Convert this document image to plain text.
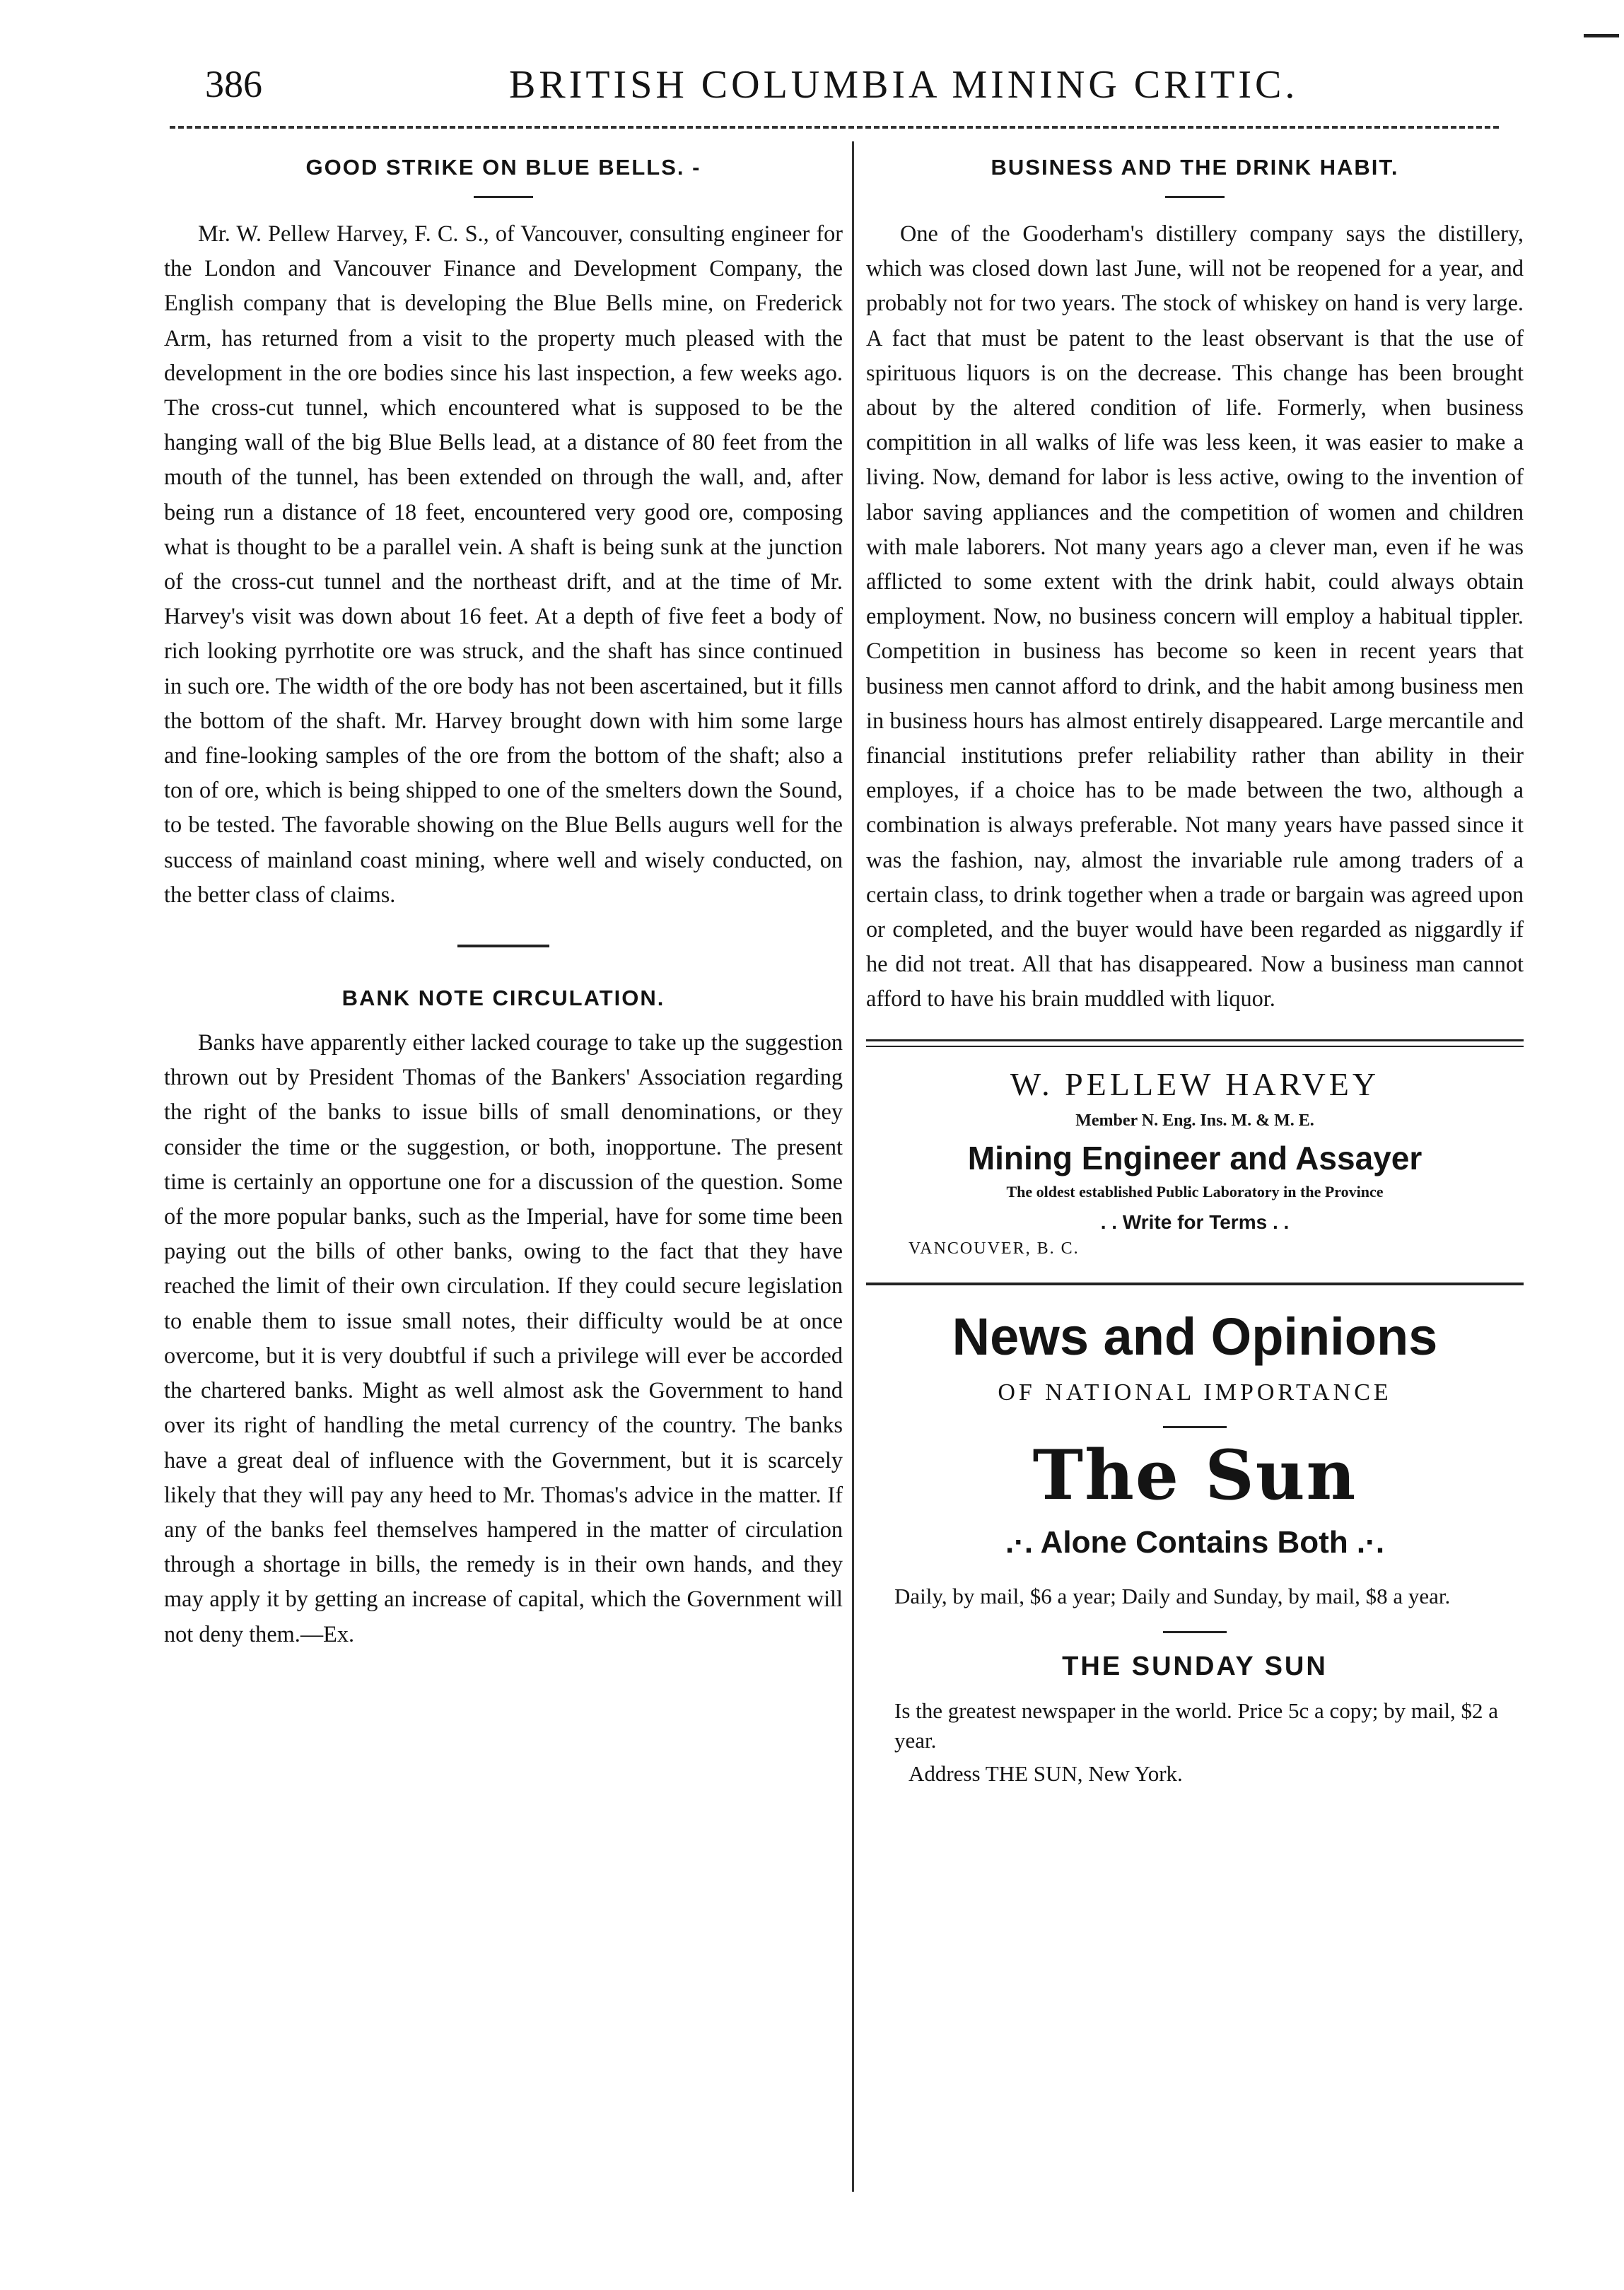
386	BRITISH COLUMBIA MINING CRITIC.
GOOD STRIKE ON BLUE BELLS. -

Mr. W. Pellew Harvey, F. C. S., of Vancouver, consulting engineer for the London and Vancouver Finance and Development Company, the English company that is developing the Blue Bells mine, on Frederick Arm, has returned from a visit to the property much pleased with the development in the ore bodies since his last inspection, a few weeks ago. The cross-cut tunnel, which encountered what is supposed to be the hanging wall of the big Blue Bells lead, at a distance of 80 feet from the mouth of the tunnel, has been extended on through the wall, and, after being run a distance of 18 feet, encountered very good ore, composing what is thought to be a parallel vein. A shaft is being sunk at the junction of the cross-cut tunnel and the northeast drift, and at the time of Mr. Harvey's visit was down about 16 feet. At a depth of five feet a body of rich looking pyrrhotite ore was struck, and the shaft has since continued in such ore. The width of the ore body has not been ascertained, but it fills the bottom of the shaft. Mr. Harvey brought down with him some large and fine-looking samples of the ore from the bottom of the shaft; also a ton of ore, which is being shipped to one of the smelters down the Sound, to be tested. The favorable showing on the Blue Bells augurs well for the success of mainland coast mining, where well and wisely conducted, on the better class of claims.

BANK NOTE CIRCULATION.

Banks have apparently either lacked courage to take up the suggestion thrown out by President Thomas of the Bankers' Association regarding the right of the banks to issue bills of small denominations, or they consider the time or the suggestion, or both, inopportune. The present time is certainly an opportune one for a discussion of the question. Some of the more popular banks, such as the Imperial, have for some time been paying out the bills of other banks, owing to the fact that they have reached the limit of their own circulation. If they could secure legislation to enable them to issue small notes, their difficulty would be at once overcome, but it is very doubtful if such a privilege will ever be accorded the chartered banks. Might as well almost ask the Government to hand over its right of handling the metal currency of the country. The banks have a great deal of influence with the Government, but it is scarcely likely that they will pay any heed to Mr. Thomas's advice in the matter. If any of the banks feel themselves hampered in the matter of circulation through a shortage in bills, the remedy is in their own hands, and they may apply it by getting an increase of capital, which the Government will not deny them.—Ex.

BUSINESS AND THE DRINK HABIT.

One of the Gooderham's distillery company says the distillery, which was closed down last June, will not be reopened for a year, and probably not for two years. The stock of whiskey on hand is very large. A fact that must be patent to the least observant is that the use of spirituous liquors is on the decrease. This change has been brought about by the altered condition of life. Formerly, when business compitition in all walks of life was less keen, it was easier to make a living. Now, demand for labor is less active, owing to the invention of labor saving appliances and the competition of women and children with male laborers. Not many years ago a clever man, even if he was afflicted to some extent with the drink habit, could always obtain employment. Now, no business concern will employ a habitual tippler. Competition in business has become so keen in recent years that business men cannot afford to drink, and the habit among business men in business hours has almost entirely disappeared. Large mercantile and financial institutions prefer reliability rather than ability in their employes, if a choice has to be made between the two, although a combination is always preferable. Not many years have passed since it was the fashion, nay, almost the invariable rule among traders of a certain class, to drink together when a trade or bargain was agreed upon or completed, and the buyer would have been regarded as niggardly if he did not treat. All that has disappeared. Now a business man cannot afford to have his brain muddled with liquor.

W. PELLEW HARVEY
Member N. Eng. Ins. M. & M. E.
Mining Engineer and Assayer
The oldest established Public Laboratory in the Province
. . Write for Terms . .
VANCOUVER, B. C.
News and Opinions
OF NATIONAL IMPORTANCE
The Sun
.·. Alone Contains Both .·.
Daily, by mail, $6 a year; Daily and Sunday, by mail, $8 a year.
THE SUNDAY SUN
Is the greatest newspaper in the world. Price 5c a copy; by mail, $2 a year.
Address THE SUN, New York.
